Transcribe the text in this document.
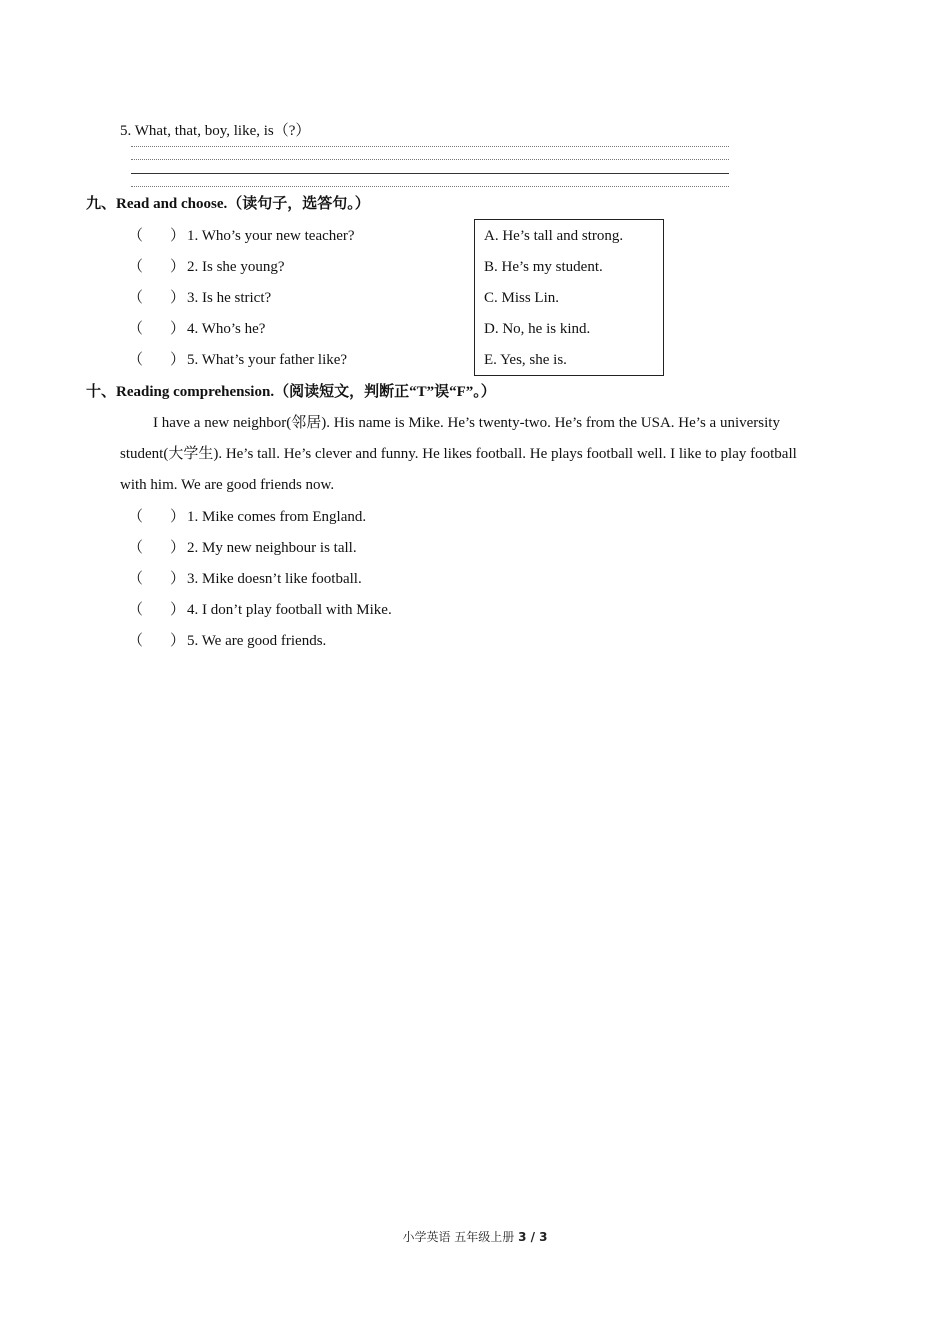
5. What, that, boy, like, is（?）
九、Read and choose.（读句子，选答句。）
（ ） 1. Who’s your new teacher?
（ ） 2. Is she young?
（ ） 3. Is he strict?
（ ） 4. Who’s he?
（ ） 5. What’s your father like?
A. He’s tall and strong.
B. He’s my student.
C. Miss Lin.
D. No, he is kind.
E. Yes, she is.
十、Reading comprehension.（阅读短文，判断正“T”误“F”。）
I have a new neighbor(邻居). His name is Mike. He’s twenty-two. He’s from the USA. He’s a university
student(大学生). He’s tall. He’s clever and funny. He likes football. He plays football well. I like to play football
with him. We are good friends now.
（ ） 1. Mike comes from England.
（ ） 2. My new neighbour is tall.
（ ） 3. Mike doesn’t like football.
（ ） 4. I don’t play football with Mike.
（ ） 5. We are good friends.
小学英语 五年级上册 3 / 3
